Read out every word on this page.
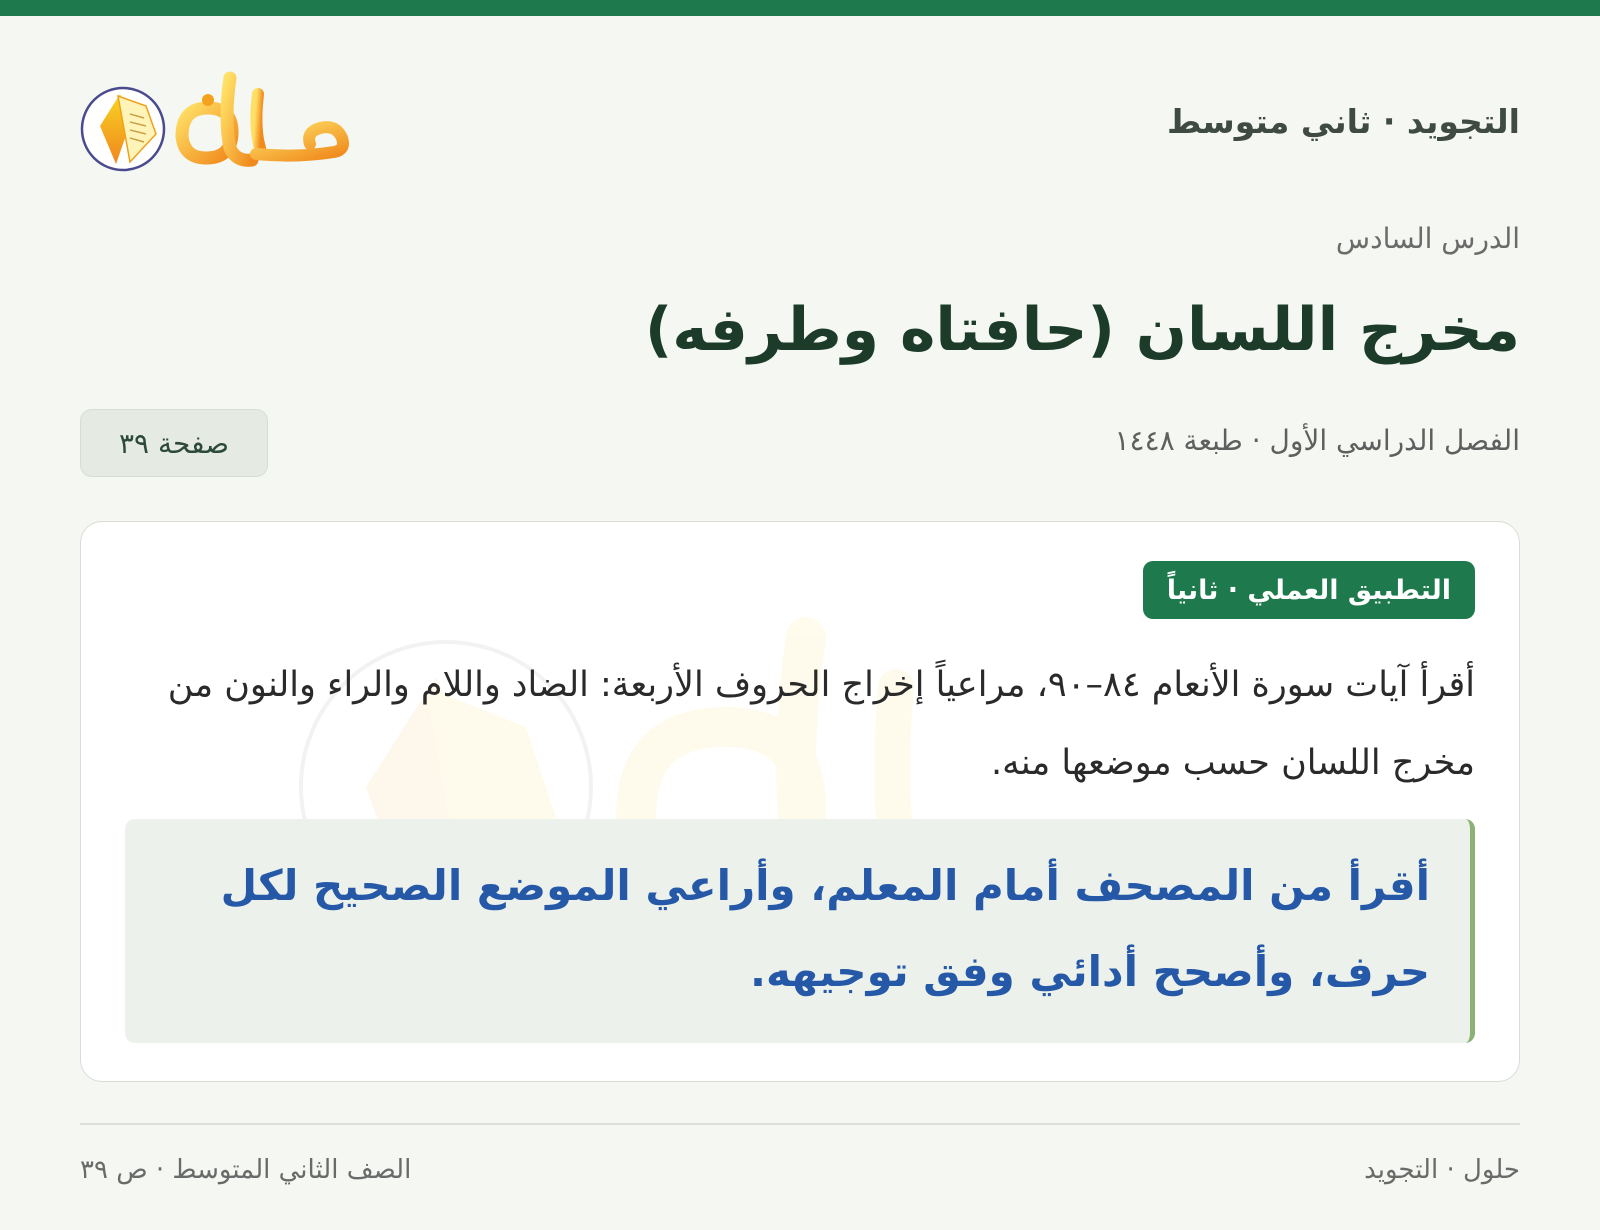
التجويد · ثاني متوسط
الدرس السادس
مخرج اللسان (حافتاه وطرفه)
الفصل الدراسي الأول · طبعة ١٤٤٨
صفحة ٣٩
التطبيق العملي · ثانياً

أقرأ آيات سورة الأنعام ٨٤–٩٠، مراعياً إخراج الحروف الأربعة: الضاد واللام والراء والنون من مخرج اللسان حسب موضعها منه.

أقرأ من المصحف أمام المعلم، وأراعي الموضع الصحيح لكل حرف، وأصحح أدائي وفق توجيهه.

حلول · التجويد
الصف الثاني المتوسط · ص ٣٩
